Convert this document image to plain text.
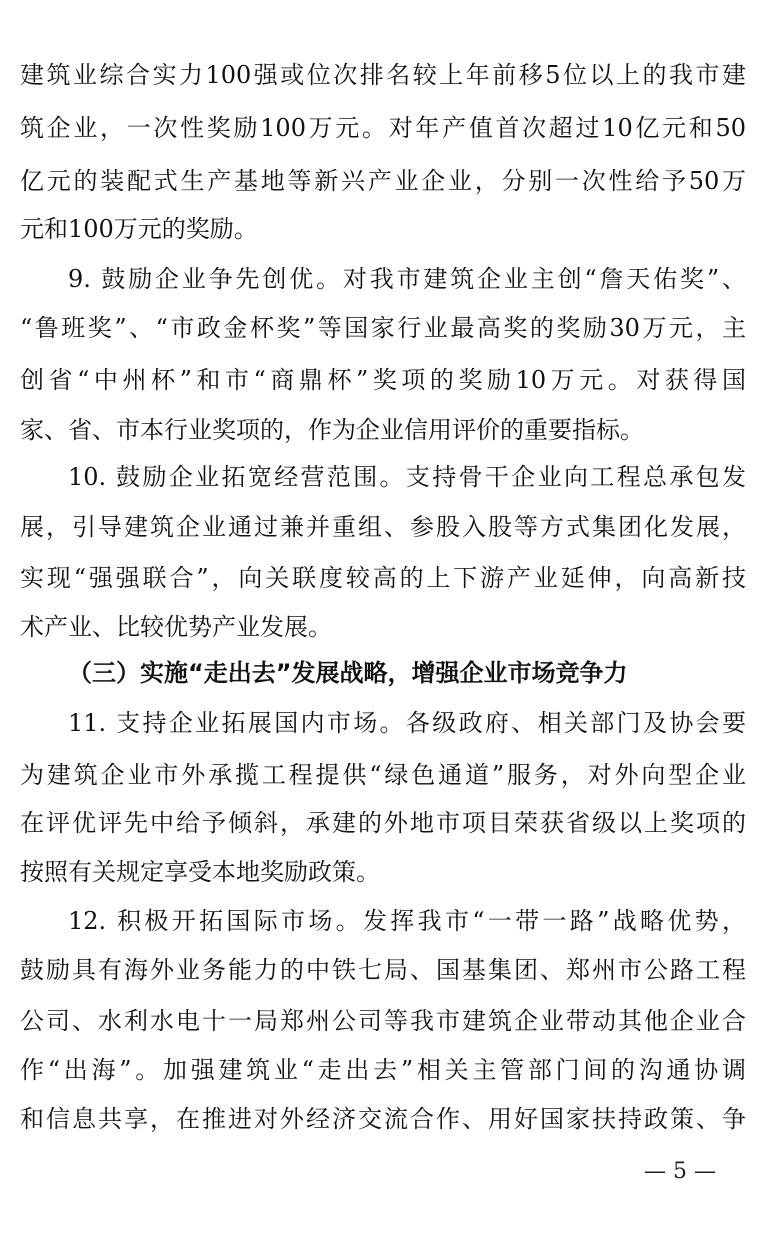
建筑业综合实力100强或位次排名较上年前移5位以上的我市建
筑企业，一次性奖励100万元。对年产值首次超过10亿元和50
亿元的装配式生产基地等新兴产业企业，分别一次性给予50万
元和100万元的奖励。
9. 鼓励企业争先创优。对我市建筑企业主创“詹天佑奖”、
“鲁班奖”、“市政金杯奖”等国家行业最高奖的奖励30万元，主
创省“中州杯”和市“商鼎杯”奖项的奖励10万元。对获得国
家、省、市本行业奖项的，作为企业信用评价的重要指标。
10. 鼓励企业拓宽经营范围。支持骨干企业向工程总承包发
展，引导建筑企业通过兼并重组、参股入股等方式集团化发展，
实现“强强联合”，向关联度较高的上下游产业延伸，向高新技
术产业、比较优势产业发展。
（三）实施“走出去”发展战略，增强企业市场竞争力
11. 支持企业拓展国内市场。各级政府、相关部门及协会要
为建筑企业市外承揽工程提供“绿色通道”服务，对外向型企业
在评优评先中给予倾斜，承建的外地市项目荣获省级以上奖项的
按照有关规定享受本地奖励政策。
12. 积极开拓国际市场。发挥我市“一带一路”战略优势，
鼓励具有海外业务能力的中铁七局、国基集团、郑州市公路工程
公司、水利水电十一局郑州公司等我市建筑企业带动其他企业合
作“出海”。加强建筑业“走出去”相关主管部门间的沟通协调
和信息共享，在推进对外经济交流合作、用好国家扶持政策、争
— 5 —
